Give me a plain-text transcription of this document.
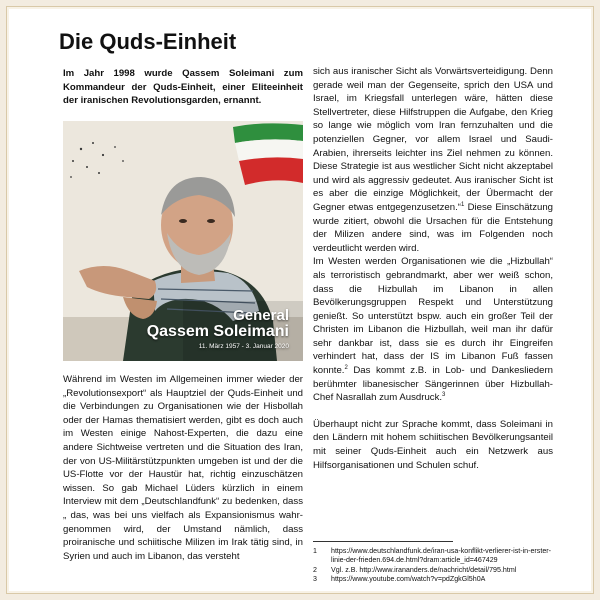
Die Quds-Einheit
Im Jahr 1998 wurde Qassem Soleimani zum Kommandeur der Quds-Einheit, einer Eliteeinheit der iranischen Revolutionsgarden, ernannt.
General
Qassem Soleimani
11. März 1957 - 3. Januar 2020
Während im Westen im Allgemeinen immer wieder der „Revolutionsexport“ als Hauptziel der Quds-Einheit und die Verbindungen zu Organisationen wie der Hisbollah oder der Hamas thematisiert werden, gibt es doch auch im Westen einige Nahost-Experten, die dazu eine andere Sichtweise vertreten und die Situation des Iran, der von US-Militärstützpunkten umgeben ist und der die US-Flotte vor der Haustür hat, richtig einzuschätzen wissen. So gab Michael Lüders kürzlich in einem Interview mit dem „Deutschlandfunk“ zu bedenken, dass „ das, was bei uns vielfach als Expansionismus wahr-genommen wird, der Umstand nämlich, dass proiranische und schiitische Milizen im Irak tätig sind, in Syrien und auch im Libanon, das versteht

sich aus iranischer Sicht als Vorwärtsverteidigung. Denn gerade weil man der Gegenseite, sprich den USA und Israel, im Kriegsfall unterlegen wäre, hätten diese Stellvertreter, diese Hilfstruppen die Aufgabe, den Krieg so lange wie möglich vom Iran fernzuhalten und die potenziellen Gegner, vor allem Israel und Saudi-Arabien, ihrerseits leichter ins Ziel nehmen zu können. Diese Strategie ist aus westlicher Sicht nicht akzeptabel und wird als aggressiv gedeutet. Aus iranischer Sicht ist es aber die einzige Möglichkeit, der Übermacht der Gegner etwas entgegenzusetzen.“$^1$ Diese Einschätzung wurde zitiert, obwohl die Ursachen für die Entstehung der Milizen andere sind, was im Folgenden noch verdeutlicht werden wird.

Im Westen werden Organisationen wie die „Hizbullah“ als terroristisch gebrandmarkt, aber wer weiß schon, dass die Hizbullah im Libanon in allen Bevölkerungsgruppen Respekt und Unterstützung genießt. So unterstützt bspw. auch ein großer Teil der Christen im Libanon die Hizbullah, weil man ihr dafür sehr dankbar ist, dass sie es durch ihr Eingreifen verhindert hat, dass der IS im Libanon Fuß fassen konnte.$^2$ Das kommt z.B. in Lob- und Dankesliedern berühmter libanesischer Sängerinnen über Hizbullah-Chef Nasrallah zum Ausdruck.$^3$

Überhaupt nicht zur Sprache kommt, dass Soleimani in den Ländern mit hohem schiitischen Bevölkerungsanteil mit seiner Quds-Einheit auch ein Netzwerk aus Hilfsorganisationen und Schulen schuf.

1	https://www.deutschlandfunk.de/iran-usa-konflikt-verlierer-ist-in-erster-linie-der-frieden.694.de.html?dram:article_id=467429
2	Vgl. z.B. http://www.irananders.de/nachricht/detail/795.html
3	https://www.youtube.com/watch?v=pdZgkGl5h0A
